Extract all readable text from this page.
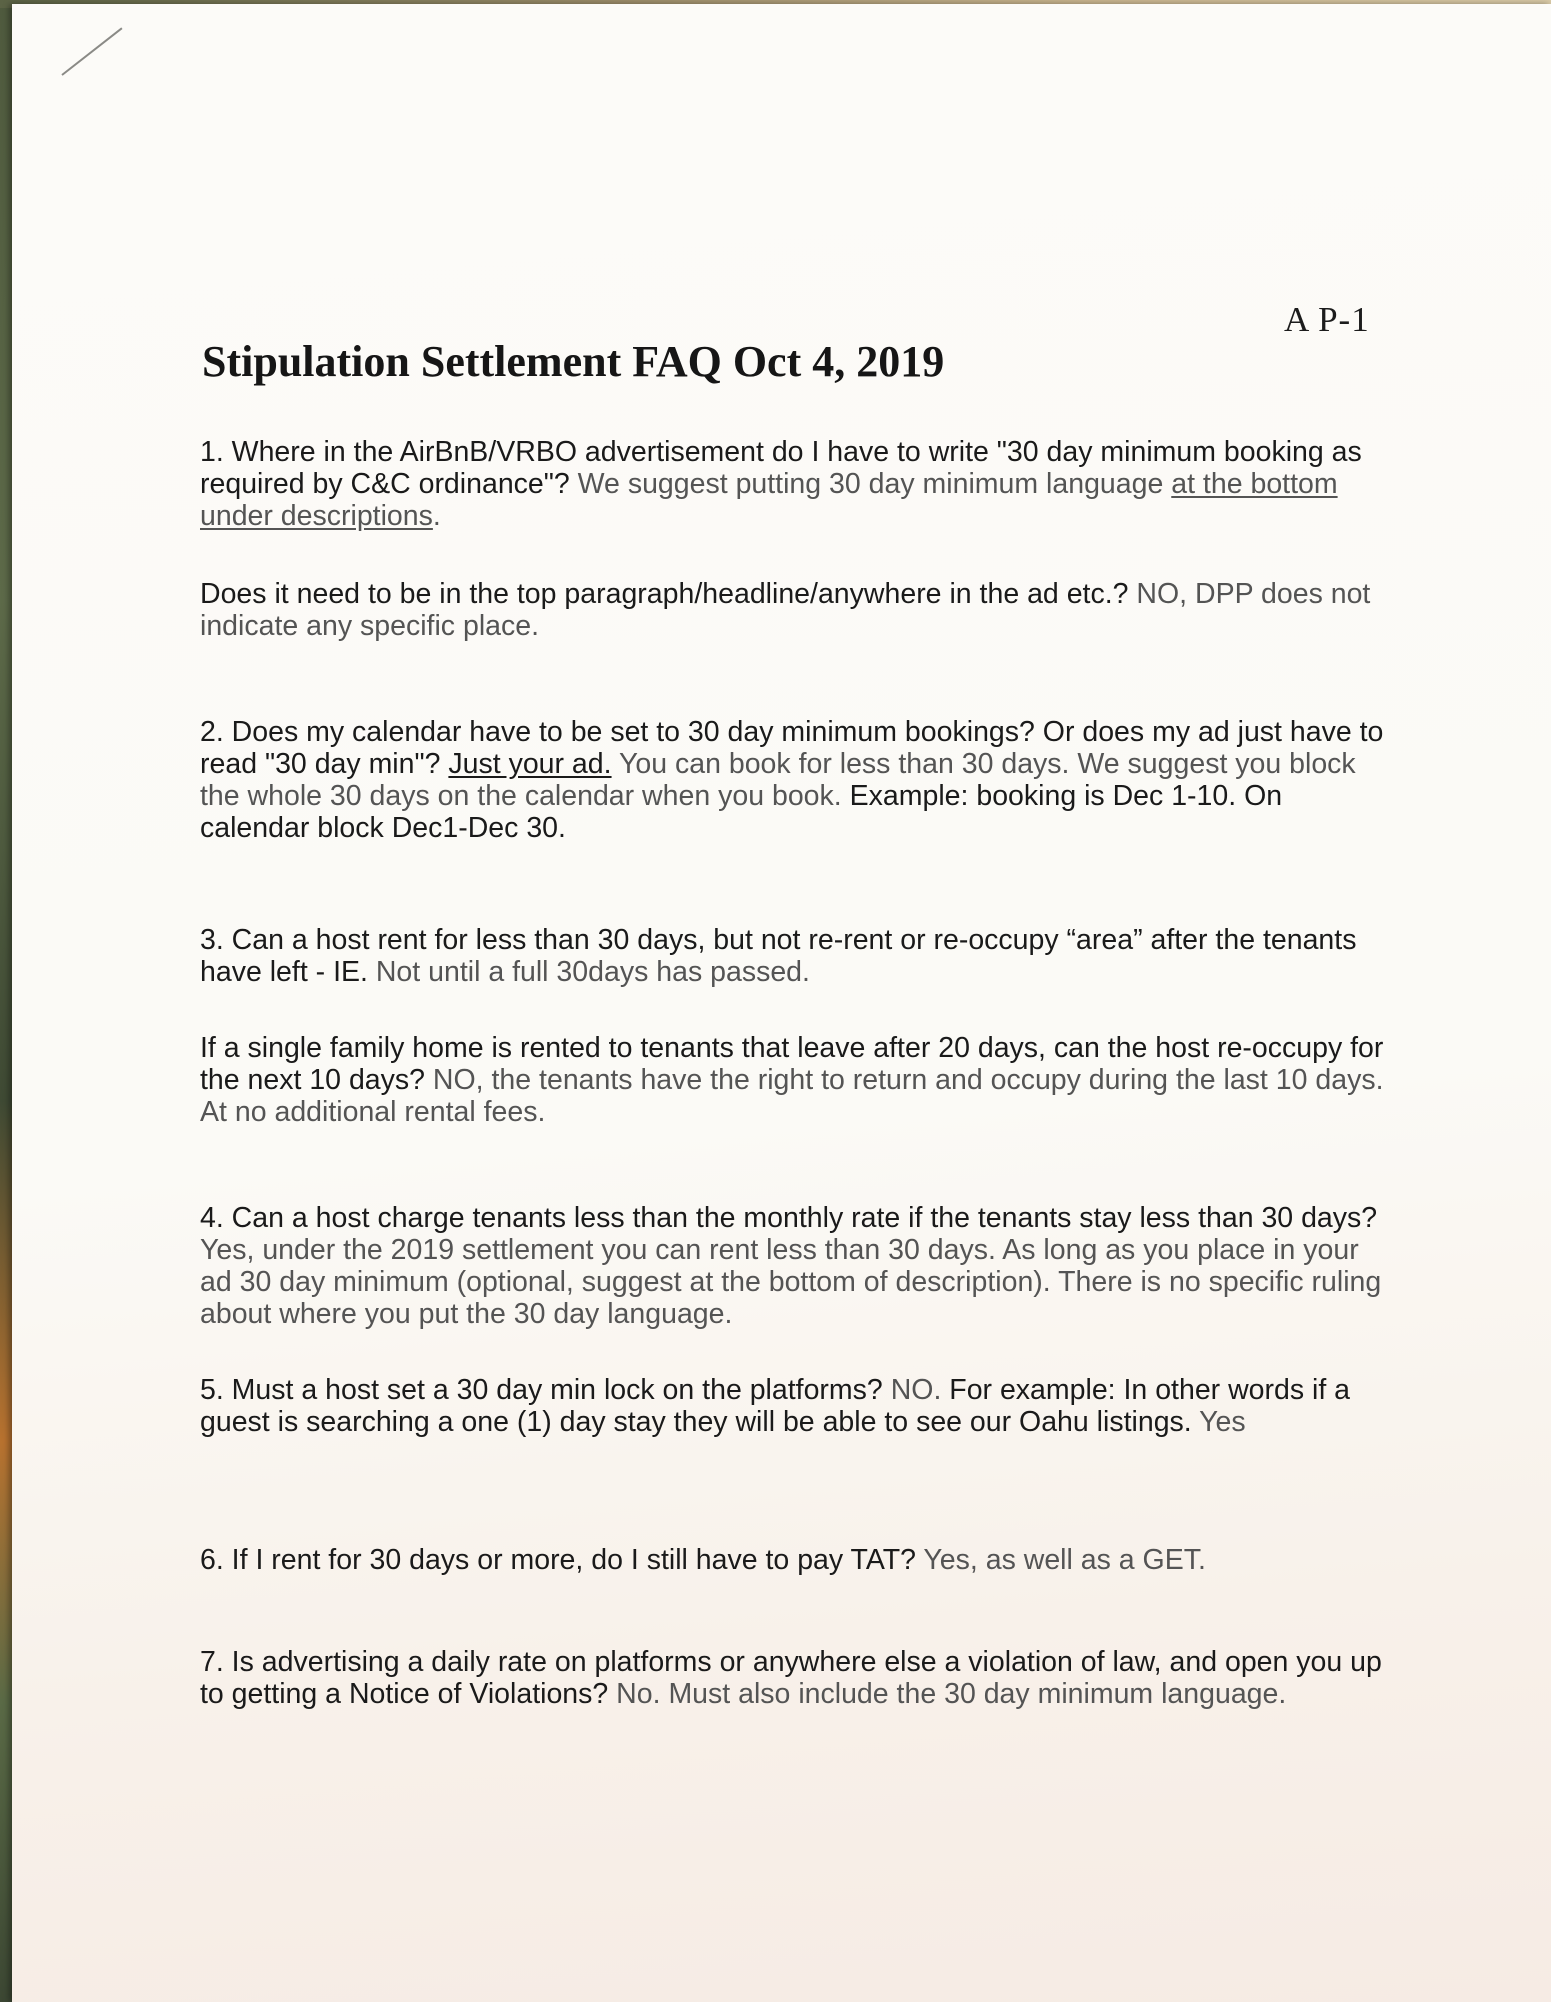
A P-1
Stipulation Settlement FAQ Oct 4, 2019

1. Where in the AirBnB/VRBO advertisement do I have to write "30 day minimum booking as required by C&C ordinance"? We suggest putting 30 day minimum language at the bottom under descriptions.

Does it need to be in the top paragraph/headline/anywhere in the ad etc.? NO, DPP does not indicate any specific place.

2. Does my calendar have to be set to 30 day minimum bookings? Or does my ad just have to read "30 day min"? Just your ad. You can book for less than 30 days. We suggest you block the whole 30 days on the calendar when you book. Example: booking is Dec 1-10. On calendar block Dec1-Dec 30.

3. Can a host rent for less than 30 days, but not re-rent or re-occupy “area” after the tenants have left - IE. Not until a full 30days has passed.

If a single family home is rented to tenants that leave after 20 days, can the host re-occupy for the next 10 days? NO, the tenants have the right to return and occupy during the last 10 days. At no additional rental fees.

4. Can a host charge tenants less than the monthly rate if the tenants stay less than 30 days? Yes, under the 2019 settlement you can rent less than 30 days. As long as you place in your ad 30 day minimum (optional, suggest at the bottom of description). There is no specific ruling about where you put the 30 day language.

5. Must a host set a 30 day min lock on the platforms? NO. For example: In other words if a guest is searching a one (1) day stay they will be able to see our Oahu listings. Yes

6. If I rent for 30 days or more, do I still have to pay TAT? Yes, as well as a GET.

7. Is advertising a daily rate on platforms or anywhere else a violation of law, and open you up to getting a Notice of Violations? No. Must also include the 30 day minimum language.
